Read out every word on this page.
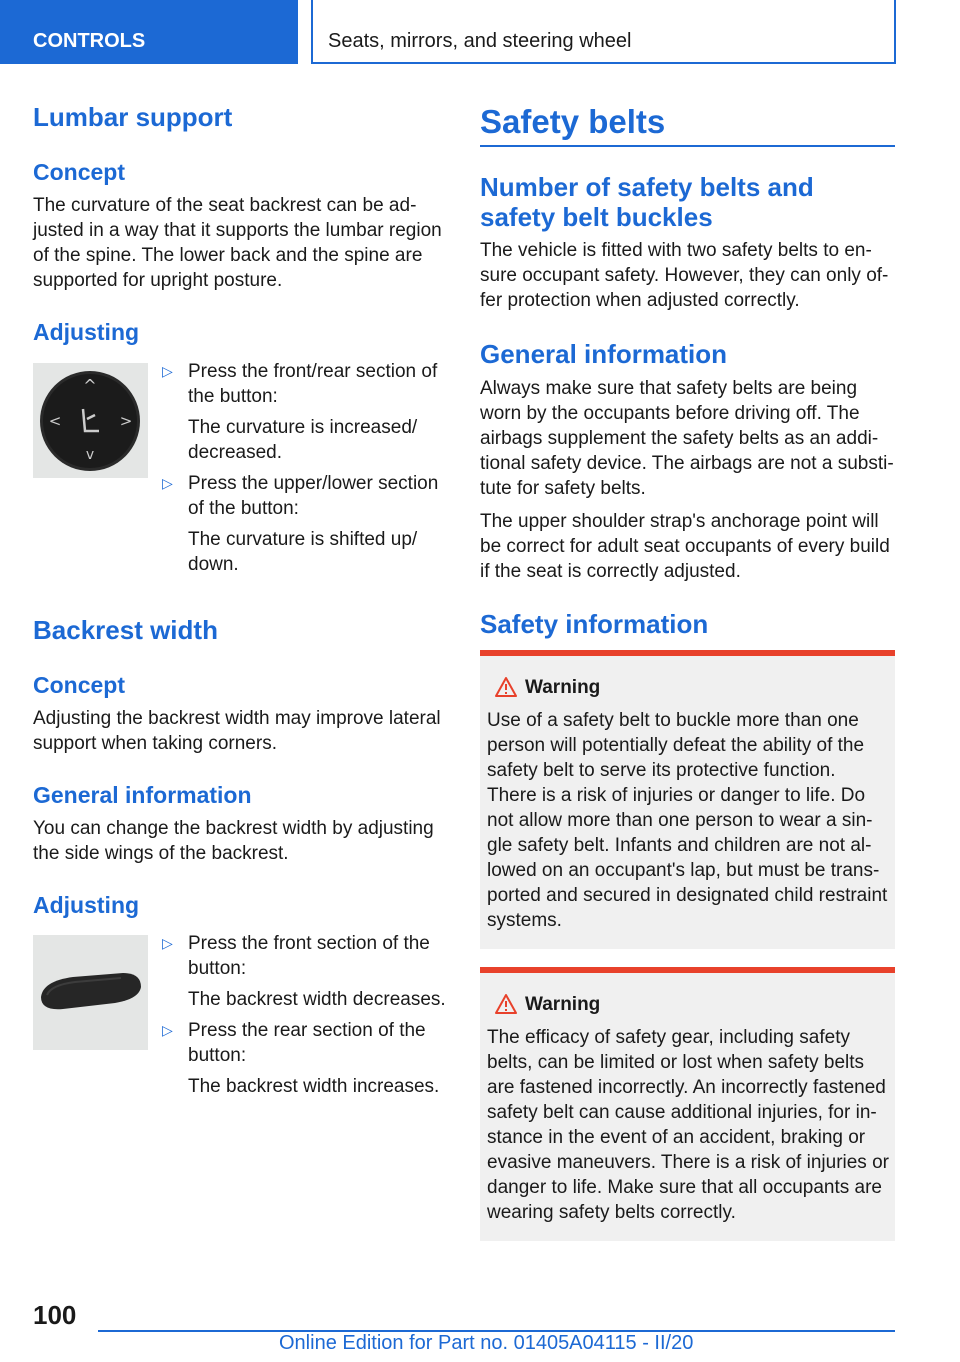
CONTROLS	Seats, mirrors, and steering wheel
Lumbar support
Concept

The curvature of the seat backrest can be adjusted in a way that it supports the lumbar region of the spine. The lower back and the spine are supported for upright posture.

Adjusting
^
v
<	>
▷ Press the front/rear section of the button:
The curvature is increased/ decreased.
▷ Press the upper/lower section of the button:
The curvature is shifted up/ down.
Backrest width
Concept

Adjusting the backrest width may improve lateral support when taking corners.

General information

You can change the backrest width by adjusting the side wings of the backrest.

Adjusting
▷ Press the front section of the button:
The backrest width decreases.
▷ Press the rear section of the button:
The backrest width increases.
Safety belts
Number of safety belts and safety belt buckles

The vehicle is fitted with two safety belts to ensure occupant safety. However, they can only offer protection when adjusted correctly.

General information

Always make sure that safety belts are being worn by the occupants before driving off. The airbags supplement the safety belts as an additional safety device. The airbags are not a substitute for safety belts.

The upper shoulder strap's anchorage point will be correct for adult seat occupants of every build if the seat is correctly adjusted.

Safety information
Warning

Use of a safety belt to buckle more than one person will potentially defeat the ability of the safety belt to serve its protective function. There is a risk of injuries or danger to life. Do not allow more than one person to wear a single safety belt. Infants and children are not allowed on an occupant's lap, but must be transported and secured in designated child restraint systems.

Warning

The efficacy of safety gear, including safety belts, can be limited or lost when safety belts are fastened incorrectly. An incorrectly fastened safety belt can cause additional injuries, for instance in the event of an accident, braking or evasive maneuvers. There is a risk of injuries or danger to life. Make sure that all occupants are wearing safety belts correctly.

100
Online Edition for Part no. 01405A04115 - II/20
